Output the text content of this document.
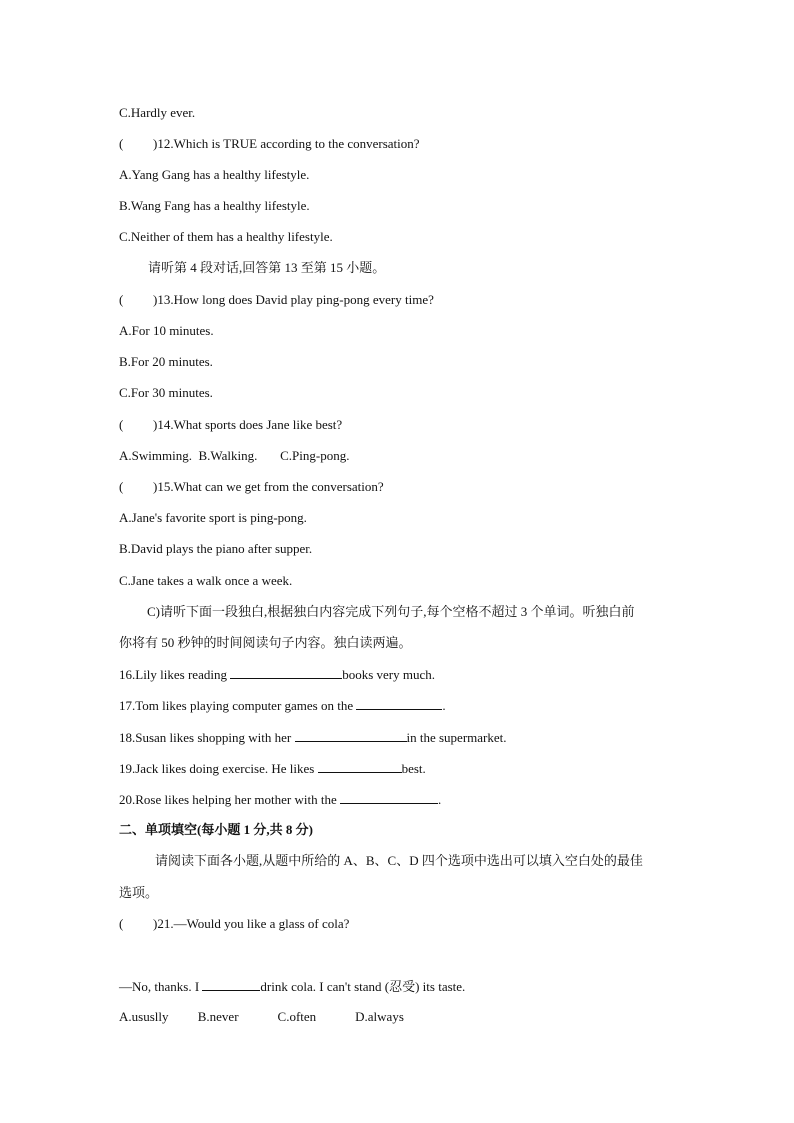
C.Hardly ever.
( )12.Which is TRUE according to the conversation?
A.Yang Gang has a healthy lifestyle.
B.Wang Fang has a healthy lifestyle.
C.Neither of them has a healthy lifestyle.
请听第 4 段对话,回答第 13 至第 15 小题。
( )13.How long does David play ping-pong every time?
A.For 10 minutes.
B.For 20 minutes.
C.For 30 minutes.
( )14.What sports does Jane like best?
A.Swimming.  B.Walking.       C.Ping-pong.
( )15.What can we get from the conversation?
A.Jane's favorite sport is ping-pong.
B.David plays the piano after supper.
C.Jane takes a walk once a week.
C)请听下面一段独白,根据独白内容完成下列句子,每个空格不超过 3 个单词。听独白前
你将有 50 秒钟的时间阅读句子内容。独白读两遍。
16.Lily likes reading	books very much.
17.Tom likes playing computer games on the	.
18.Susan likes shopping with her	in the supermarket.
19.Jack likes doing exercise. He likes	best.
20.Rose likes helping her mother with the	.
二、单项填空(每小题 1 分,共 8 分)
请阅读下面各小题,从题中所给的 A、B、C、D 四个选项中选出可以填入空白处的最佳
选项。
( )21.—Would you like a glass of cola?
—No, thanks. I	drink cola. I can't stand (忍受) its taste.
A.ususlly         B.never            C.often            D.always
